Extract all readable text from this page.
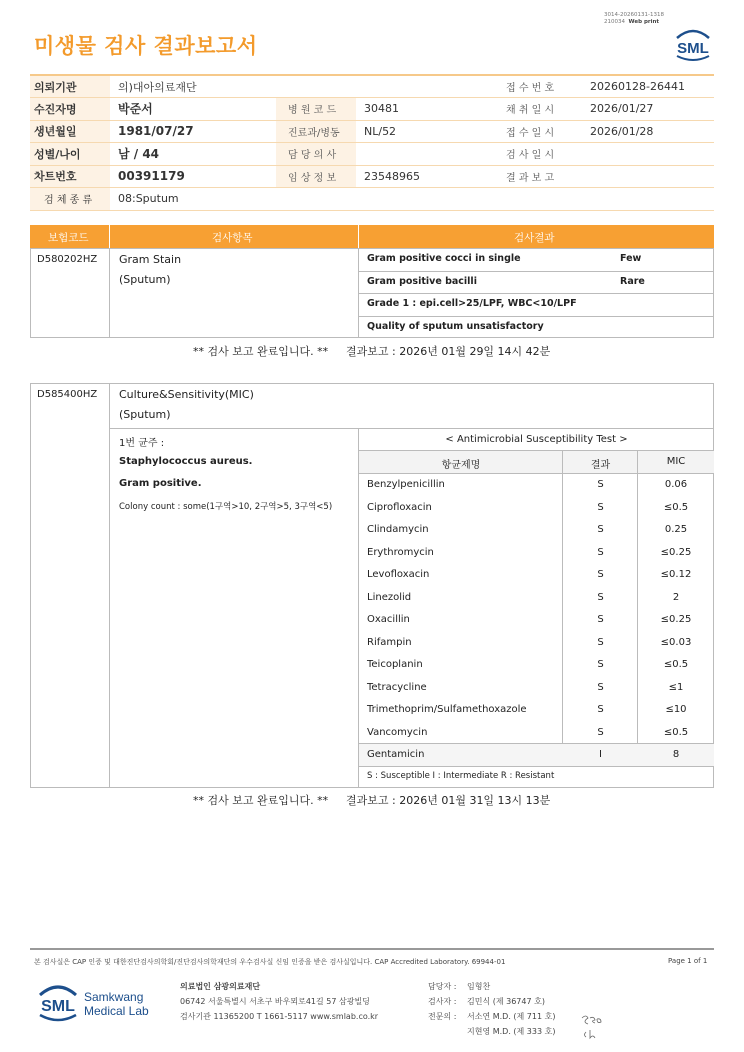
미생물 검사 결과보고서
3014-20260131-1318
210034 Web print
SML
의뢰기관	의)대아의료재단			접 수 번 호	20260128-26441
수진자명	박준서	병 원 코 드	30481	채 취 일 시	2026/01/27
생년월일	1981/07/27	진료과/병동	NL/52	접 수 일 시	2026/01/28
성별/나이	남 / 44	담 당 의 사		검 사 일 시	
차트번호	00391179	임 상 정 보	23548965	결 과 보 고	
검 체 종 류	08:Sputum				
보험코드	검사항목	검사결과
D580202HZ Gram Stain
(Sputum)
Gram positive cocci in single	Few
Gram positive bacilli	Rare
Grade 1 : epi.cell>25/LPF, WBC<10/LPF
Quality of sputum unsatisfactory
** 검사 보고 완료입니다. ** 결과보고 : 2026년 01월 29일 14시 42분
D585400HZ Culture&Sensitivity(MIC)
(Sputum)
1번 균주 :
Staphylococcus aureus.
Gram positive.
Colony count : some(1구역>10, 2구역>5, 3구역<5)
< Antimicrobial Susceptibility Test >
항균제명	결과	MIC
Benzylpenicillin	S	0.06
Ciprofloxacin	S	≤0.5
Clindamycin	S	0.25
Erythromycin	S	≤0.25
Levofloxacin	S	≤0.12
Linezolid	S	2
Oxacillin	S	≤0.25
Rifampin	S	≤0.03
Teicoplanin	S	≤0.5
Tetracycline	S	≤1
Trimethoprim/Sulfamethoxazole	S	≤10
Vancomycin	S	≤0.5
Gentamicin	I	8
S : Susceptible I : Intermediate R : Resistant
** 검사 보고 완료입니다. ** 결과보고 : 2026년 01월 31일 13시 13분
본 검사실은 CAP 인증 및 대한진단검사의학회/진단검사의학재단의 우수검사실 신임 인증을 받은 검사실입니다. CAP Accredited Laboratory. 69944-01	Page 1 of 1
SML
Samkwang
Medical Lab
의료법인 삼광의료재단
06742 서울특별시 서초구 바우뫼로41길 57 삼광빌딩
검사기관 11365200 T 1661-5117 www.smlab.co.kr
담당자 : 임형찬
검사자 : 김민식 (제 36747 호)
전문의 : 서소연 M.D. (제 711 호)
지현영 M.D. (제 333 호)
